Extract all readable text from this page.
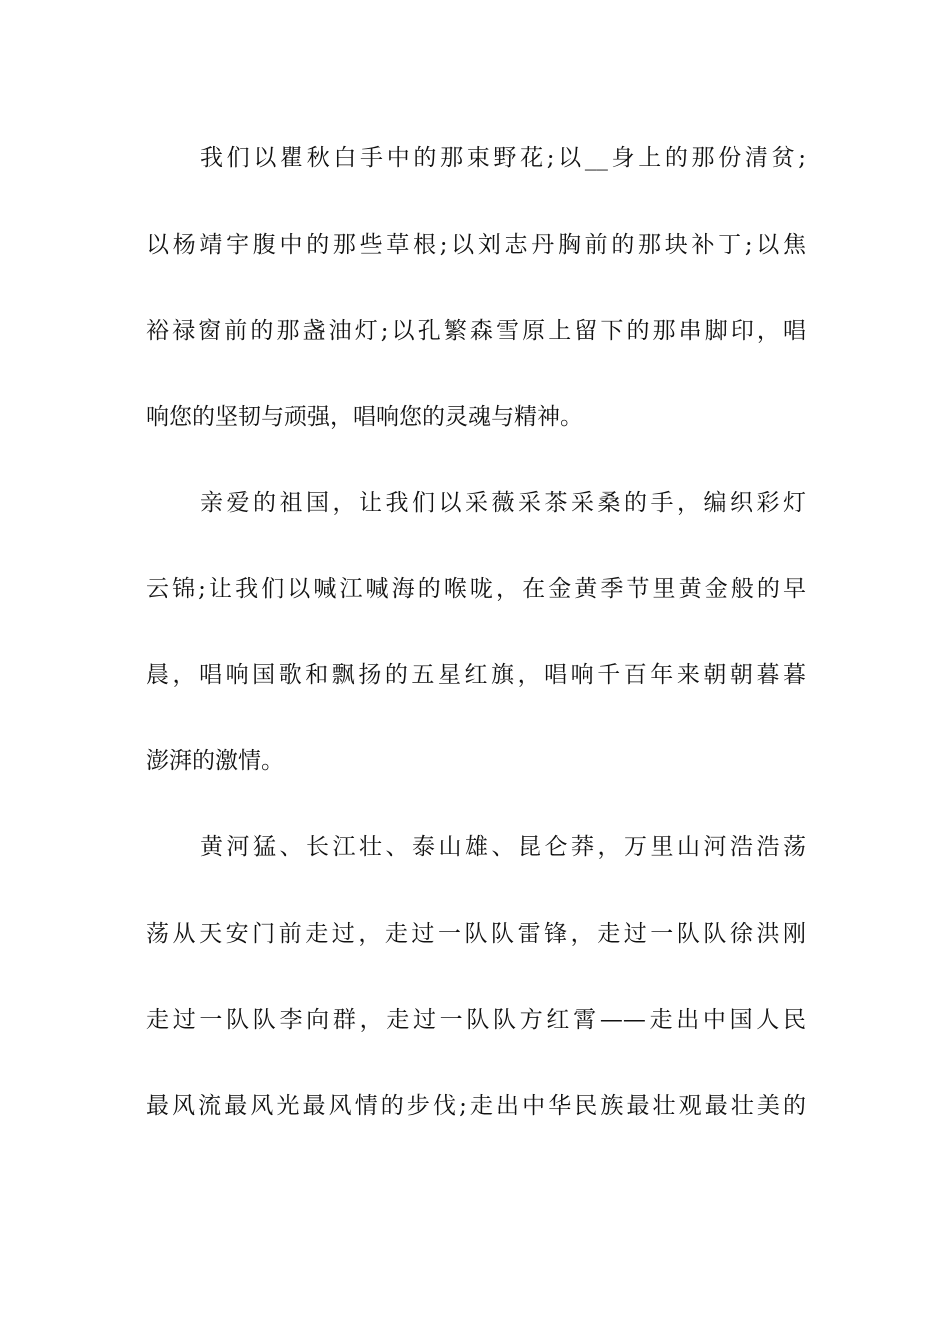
我们以瞿秋白手中的那束野花;以__身上的那份清贫;
以杨靖宇腹中的那些草根;以刘志丹胸前的那块补丁;以焦
裕禄窗前的那盏油灯;以孔繁森雪原上留下的那串脚印，唱
响您的坚韧与顽强，唱响您的灵魂与精神。
亲爱的祖国，让我们以采薇采茶采桑的手，编织彩灯
云锦;让我们以喊江喊海的喉咙，在金黄季节里黄金般的早
晨，唱响国歌和飘扬的五星红旗，唱响千百年来朝朝暮暮
澎湃的激情。
黄河猛、长江壮、泰山雄、昆仑莽，万里山河浩浩荡
荡从天安门前走过，走过一队队雷锋，走过一队队徐洪刚
走过一队队李向群，走过一队队方红霄——走出中国人民
最风流最风光最风情的步伐;走出中华民族最壮观最壮美的
